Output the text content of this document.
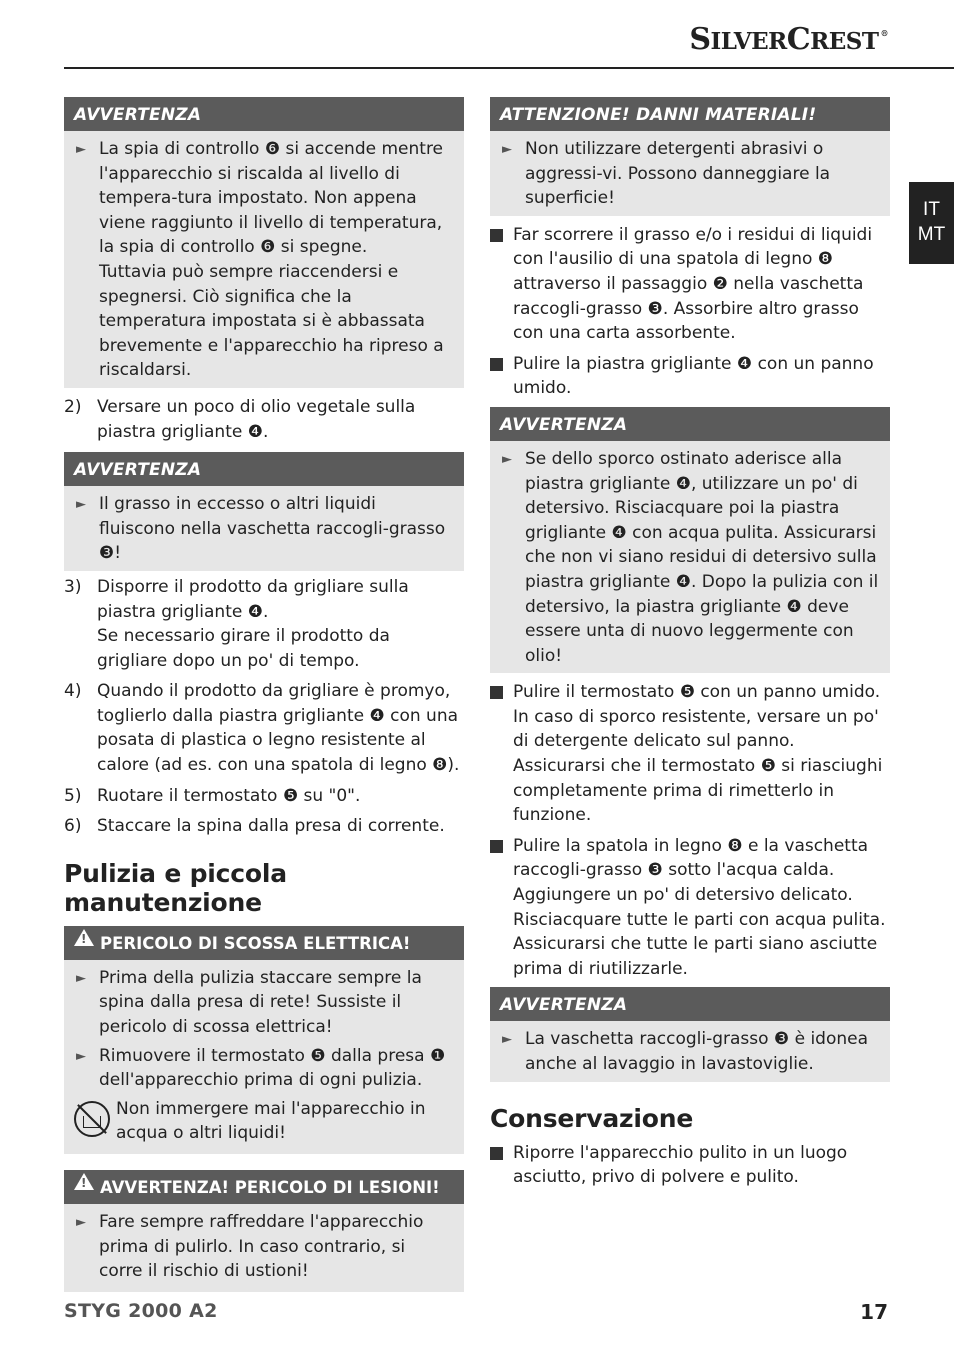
SILVERCREST ®
IT
MT
AVVERTENZA
► La spia di controllo ❻ si accende mentre l'apparecchio si riscalda al livello di tempera-tura impostato. Non appena viene raggiunto il livello di temperatura, la spia di controllo ❻ si spegne.
Tuttavia può sempre riaccendersi e spegnersi. Ciò significa che la temperatura impostata si è abbassata brevemente e l'apparecchio ha ripreso a riscaldarsi.
2) Versare un poco di olio vegetale sulla piastra grigliante ❹.
AVVERTENZA
► Il grasso in eccesso o altri liquidi fluiscono nella vaschetta raccogli-grasso ❸!
3) Disporre il prodotto da grigliare sulla piastra grigliante ❹.
Se necessario girare il prodotto da grigliare dopo un po' di tempo.
4) Quando il prodotto da grigliare è promyo, toglierlo dalla piastra grigliante ❹ con una posata di plastica o legno resistente al calore (ad es. con una spatola di legno ❽).
5) Ruotare il termostato ❺ su "0".
6) Staccare la spina dalla presa di corrente.
Pulizia e piccola manutenzione
!PERICOLO DI SCOSSA ELETTRICA!
► Prima della pulizia staccare sempre la spina dalla presa di rete! Sussiste il pericolo di scossa elettrica!
► Rimuovere il termostato ❺ dalla presa ❶ dell'apparecchio prima di ogni pulizia.
Non immergere mai l'apparecchio in acqua o altri liquidi!
!AVVERTENZA! PERICOLO DI LESIONI!
► Fare sempre raffreddare l'apparecchio prima di pulirlo. In caso contrario, si corre il rischio di ustioni!
ATTENZIONE! DANNI MATERIALI!
► Non utilizzare detergenti abrasivi o aggressi-vi. Possono danneggiare la superficie!
Far scorrere il grasso e/o i residui di liquidi con l'ausilio di una spatola di legno ❽ attraverso il passaggio ❷ nella vaschetta raccogli-grasso ❸. Assorbire altro grasso con una carta assorbente.
Pulire la piastra grigliante ❹ con un panno umido.
AVVERTENZA
► Se dello sporco ostinato aderisce alla piastra grigliante ❹, utilizzare un po' di detersivo. Risciacquare poi la piastra grigliante ❹ con acqua pulita. Assicurarsi che non vi siano residui di detersivo sulla piastra grigliante ❹. Dopo la pulizia con il detersivo, la piastra grigliante ❹ deve essere unta di nuovo leggermente con olio!
Pulire il termostato ❺ con un panno umido.
In caso di sporco resistente, versare un po' di detergente delicato sul panno.
Assicurarsi che il termostato ❺ si riasciughi completamente prima di rimetterlo in funzione.
Pulire la spatola in legno ❽ e la vaschetta raccogli-grasso ❸ sotto l'acqua calda. Aggiungere un po' di detersivo delicato. Risciacquare tutte le parti con acqua pulita. Assicurarsi che tutte le parti siano asciutte prima di riutilizzarle.
AVVERTENZA
► La vaschetta raccogli-grasso ❸ è idonea anche al lavaggio in lavastoviglie.
Conservazione
Riporre l'apparecchio pulito in un luogo asciutto, privo di polvere e pulito.
STYG 2000 A2	17
